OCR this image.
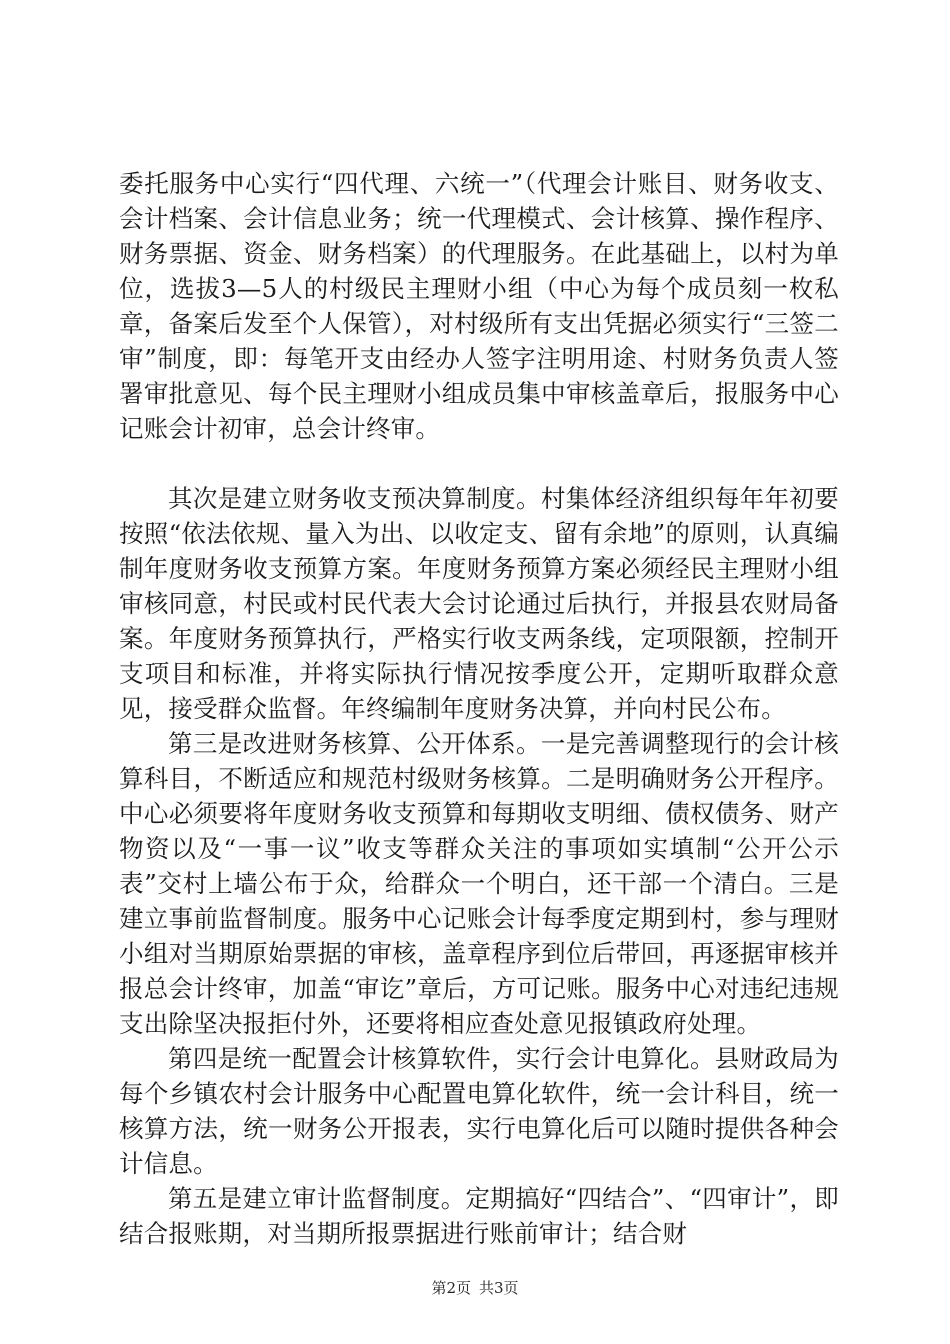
委托服务中心实行“四代理、六统一”（代理会计账目、财务收支、会计档案、会计信息业务；统一代理模式、会计核算、操作程序、财务票据、资金、财务档案）的代理服务。在此基础上，以村为单位，选拔3—5人的村级民主理财小组（中心为每个成员刻一枚私章，备案后发至个人保管），对村级所有支出凭据必须实行“三签二审”制度，即：每笔开支由经办人签字注明用途、村财务负责人签署审批意见、每个民主理财小组成员集中审核盖章后，报服务中心记账会计初审，总会计终审。

其次是建立财务收支预决算制度。村集体经济组织每年年初要按照“依法依规、量入为出、以收定支、留有余地”的原则，认真编制年度财务收支预算方案。年度财务预算方案必须经民主理财小组审核同意，村民或村民代表大会讨论通过后执行，并报县农财局备案。年度财务预算执行，严格实行收支两条线，定项限额，控制开支项目和标准，并将实际执行情况按季度公开，定期听取群众意见，接受群众监督。年终编制年度财务决算，并向村民公布。

第三是改进财务核算、公开体系。一是完善调整现行的会计核算科目，不断适应和规范村级财务核算。二是明确财务公开程序。中心必须要将年度财务收支预算和每期收支明细、债权债务、财产物资以及“一事一议”收支等群众关注的事项如实填制“公开公示表”交村上墙公布于众，给群众一个明白，还干部一个清白。三是建立事前监督制度。服务中心记账会计每季度定期到村，参与理财小组对当期原始票据的审核，盖章程序到位后带回，再逐据审核并报总会计终审，加盖“审讫”章后，方可记账。服务中心对违纪违规支出除坚决报拒付外，还要将相应查处意见报镇政府处理。

第四是统一配置会计核算软件，实行会计电算化。县财政局为每个乡镇农村会计服务中心配置电算化软件，统一会计科目，统一核算方法，统一财务公开报表，实行电算化后可以随时提供各种会计信息。

第五是建立审计监督制度。定期搞好“四结合”、“四审计”，即结合报账期，对当期所报票据进行账前审计；结合财

第2页 共3页
